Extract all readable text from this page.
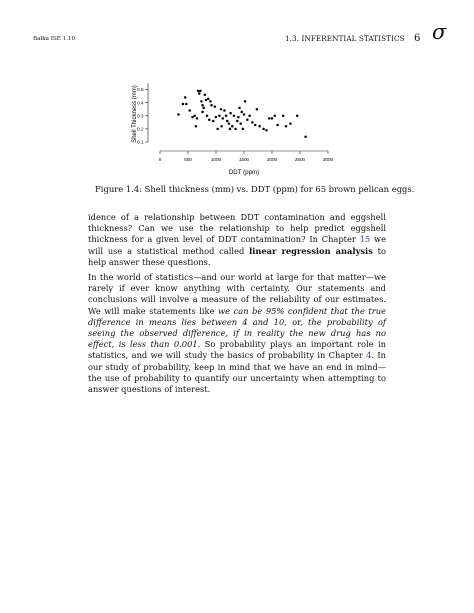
Bałka ISE 1.10	1.3. INFERENTIAL STATISTICS 6 σ
0	500	1000	1500	2000	2500	3000
0.1
0.2
0.3
0.4
0.5
DDT (ppm)
Shell Thickness (mm)
Figure 1.4: Shell thickness (mm) vs. DDT (ppm) for 65 brown pelican eggs.
idence of a relationship between DDT contamination and eggshell thickness? Can we use the relationship to help predict eggshell thickness for a given level of DDT contamination? In Chapter 15 we will use a statistical method called linear regression analysis to help answer these questions.
In the world of statistics—and our world at large for that matter—we rarely if ever know anything with certainty. Our statements and conclusions will involve a measure of the reliability of our estimates. We will make statements like we can be 95% confident that the true difference in means lies between 4 and 10, or, the probability of seeing the observed difference, if in reality the new drug has no effect, is less than 0.001. So probability plays an important role in statistics, and we will study the basics of probability in Chapter 4. In our study of probability, keep in mind that we have an end in mind—the use of probability to quantify our uncertainty when attempting to answer questions of interest.
